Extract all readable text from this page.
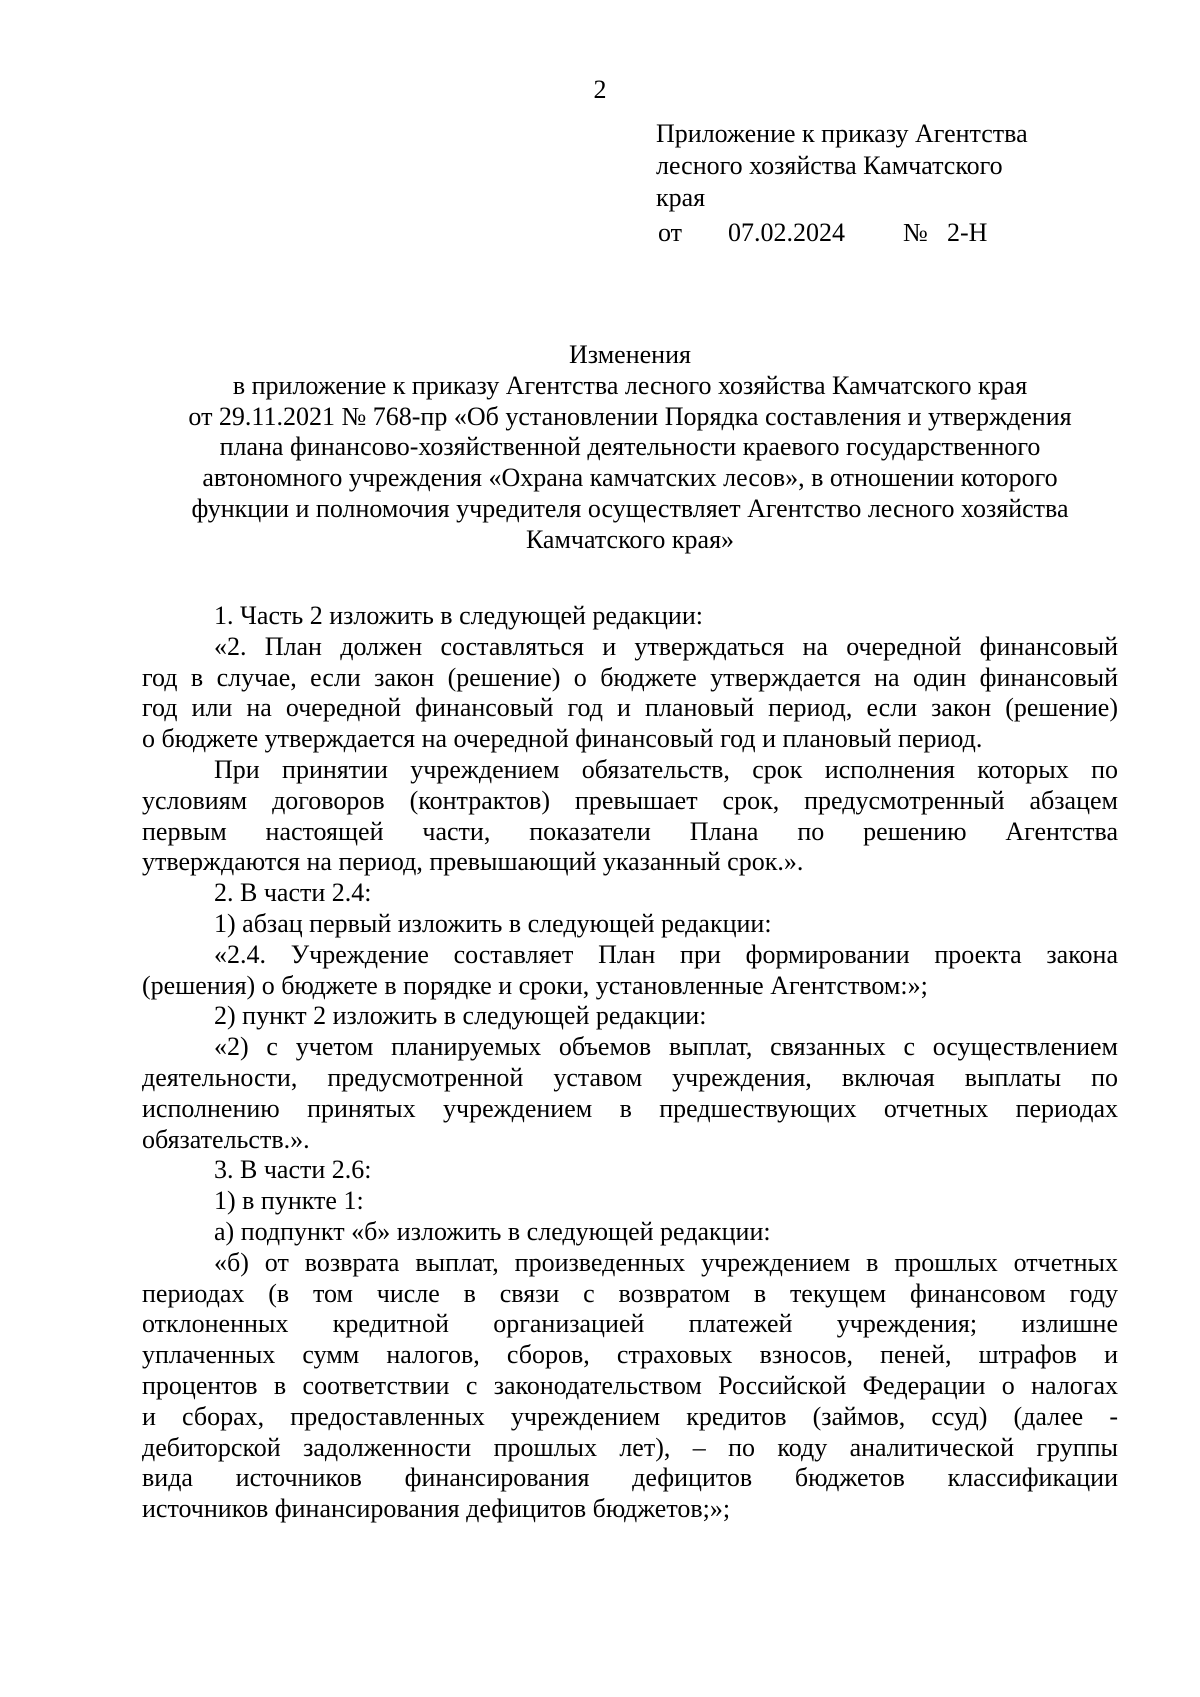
2
Приложение к приказу Агентства
лесного хозяйства Камчатского
края
от 07.02.2024 № 2-Н
Изменения
в приложение к приказу Агентства лесного хозяйства Камчатского края
от 29.11.2021 № 768-пр «Об установлении Порядка составления и утверждения
плана финансово-хозяйственной деятельности краевого государственного
автономного учреждения «Охрана камчатских лесов», в отношении которого
функции и полномочия учредителя осуществляет Агентство лесного хозяйства
Камчатского края»
1. Часть 2 изложить в следующей редакции:
«2. План должен составляться и утверждаться на очередной финансовый
год в случае, если закон (решение) о бюджете утверждается на один финансовый
год или на очередной финансовый год и плановый период, если закон (решение)
о бюджете утверждается на очередной финансовый год и плановый период.
При принятии учреждением обязательств, срок исполнения которых по
условиям договоров (контрактов) превышает срок, предусмотренный абзацем
первым настоящей части, показатели Плана по решению Агентства
утверждаются на период, превышающий указанный срок.».
2. В части 2.4:
1) абзац первый изложить в следующей редакции:
«2.4. Учреждение составляет План при формировании проекта закона
(решения) о бюджете в порядке и сроки, установленные Агентством:»;
2) пункт 2 изложить в следующей редакции:
«2) с учетом планируемых объемов выплат, связанных с осуществлением
деятельности, предусмотренной уставом учреждения, включая выплаты по
исполнению принятых учреждением в предшествующих отчетных периодах
обязательств.».
3. В части 2.6:
1) в пункте 1:
а) подпункт «б» изложить в следующей редакции:
«б) от возврата выплат, произведенных учреждением в прошлых отчетных
периодах (в том числе в связи с возвратом в текущем финансовом году
отклоненных кредитной организацией платежей учреждения; излишне
уплаченных сумм налогов, сборов, страховых взносов, пеней, штрафов и
процентов в соответствии с законодательством Российской Федерации о налогах
и сборах, предоставленных учреждением кредитов (займов, ссуд) (далее -
дебиторской задолженности прошлых лет), – по коду аналитической группы
вида источников финансирования дефицитов бюджетов классификации
источников финансирования дефицитов бюджетов;»;
